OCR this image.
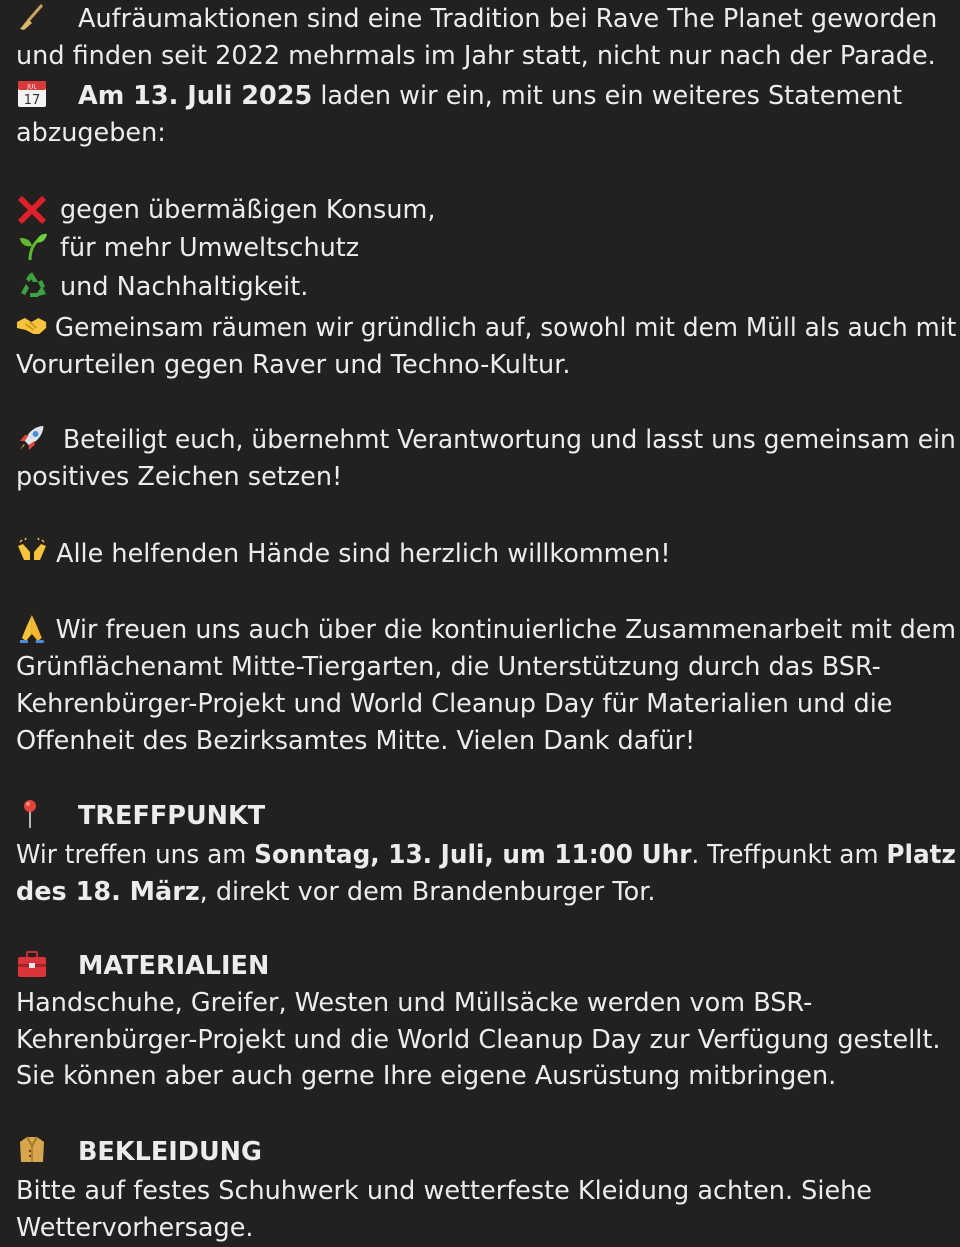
Aufräumaktionen sind eine Tradition bei Rave The Planet geworden
und finden seit 2022 mehrmals im Jahr statt, nicht nur nach der Parade.
JUL
17 Am 13. Juli 2025 laden wir ein, mit uns ein weiteres Statement
abzugeben:
gegen übermäßigen Konsum,
für mehr Umweltschutz
und Nachhaltigkeit.
Gemeinsam räumen wir gründlich auf, sowohl mit dem Müll als auch mit
Vorurteilen gegen Raver und Techno-Kultur.
Beteiligt euch, übernehmt Verantwortung und lasst uns gemeinsam ein
positives Zeichen setzen!
Alle helfenden Hände sind herzlich willkommen!
Wir freuen uns auch über die kontinuierliche Zusammenarbeit mit dem
Grünflächenamt Mitte-Tiergarten, die Unterstützung durch das BSR-
Kehrenbürger-Projekt und World Cleanup Day für Materialien und die
Offenheit des Bezirksamtes Mitte. Vielen Dank dafür!
TREFFPUNKT
Wir treffen uns am Sonntag, 13. Juli, um 11:00 Uhr. Treffpunkt am Platz
des 18. März, direkt vor dem Brandenburger Tor.
MATERIALIEN
Handschuhe, Greifer, Westen und Müllsäcke werden vom BSR-
Kehrenbürger-Projekt und die World Cleanup Day zur Verfügung gestellt.
Sie können aber auch gerne Ihre eigene Ausrüstung mitbringen.
BEKLEIDUNG
Bitte auf festes Schuhwerk und wetterfeste Kleidung achten. Siehe
Wettervorhersage.
